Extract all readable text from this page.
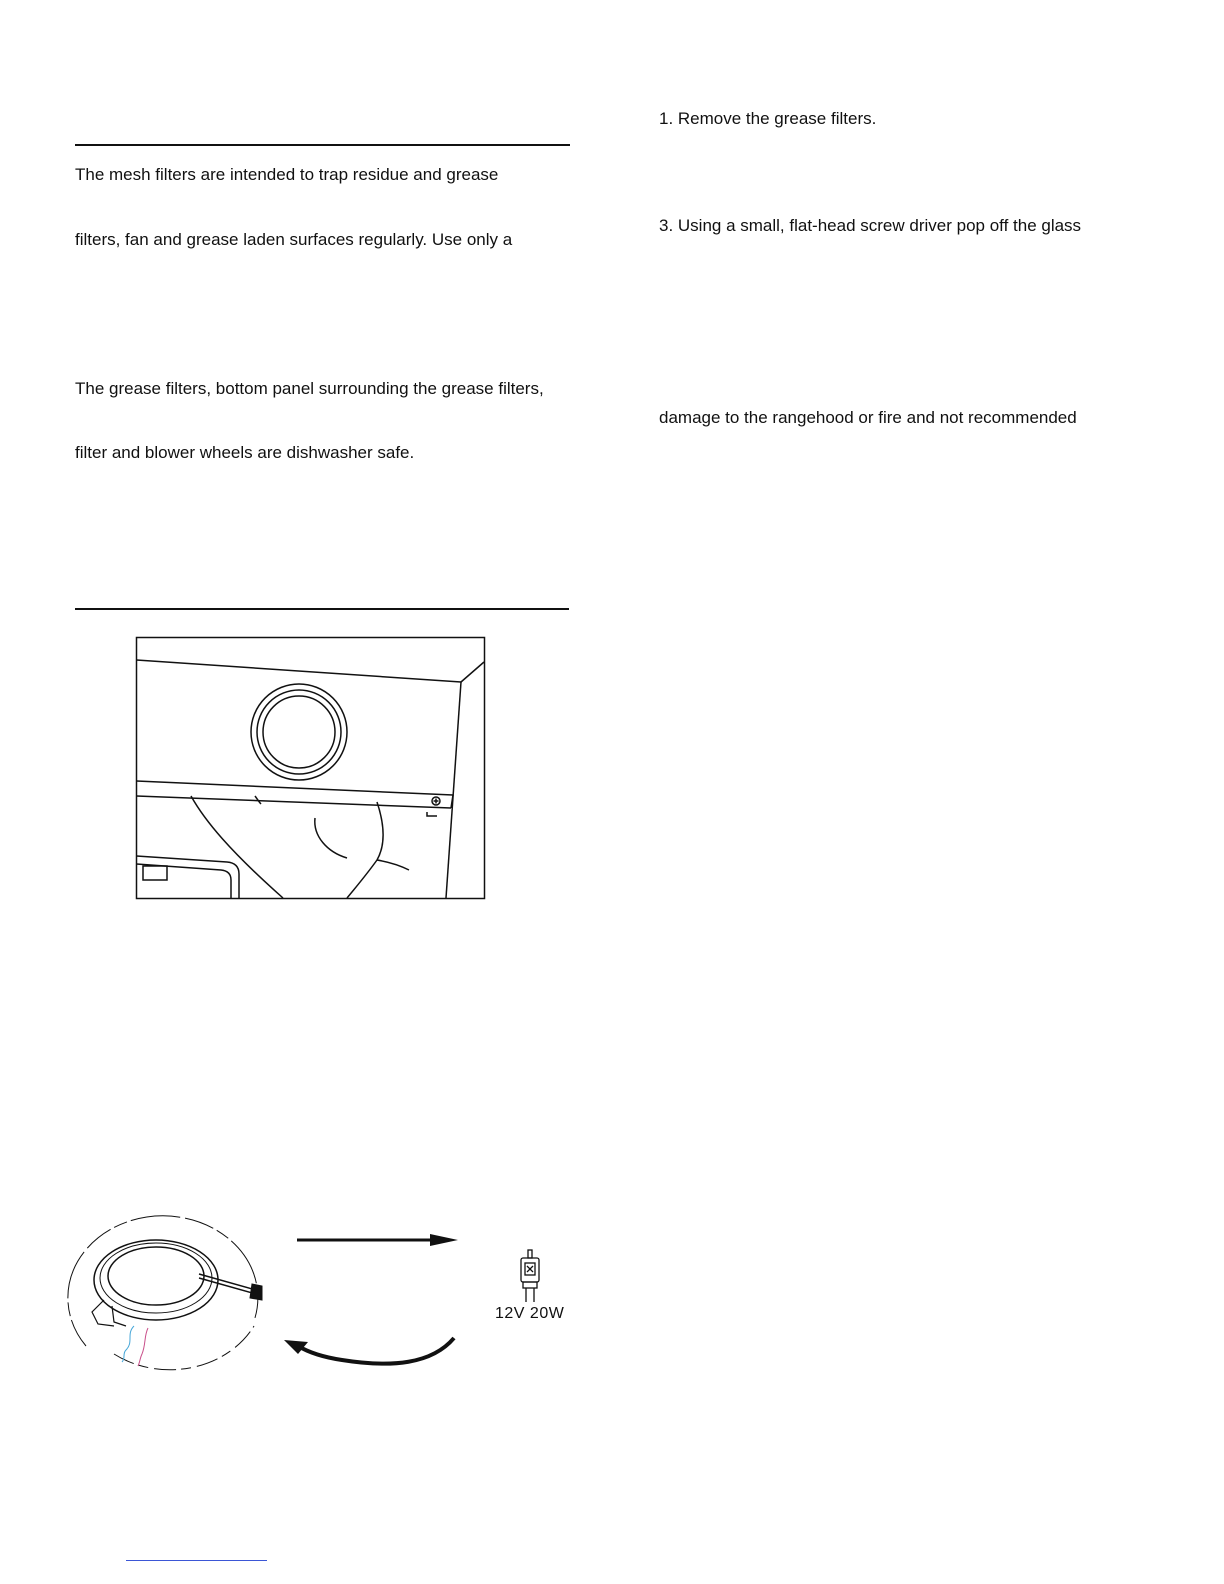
The mesh filters are intended to trap residue and grease

filters, fan and grease laden surfaces regularly. Use only a

The grease filters, bottom panel surrounding the grease filters,

filter and blower wheels are dishwasher safe.

12V 20W

1. Remove the grease filters.

3. Using a small, flat-head screw driver pop off the glass

damage to the rangehood or fire and not recommended
